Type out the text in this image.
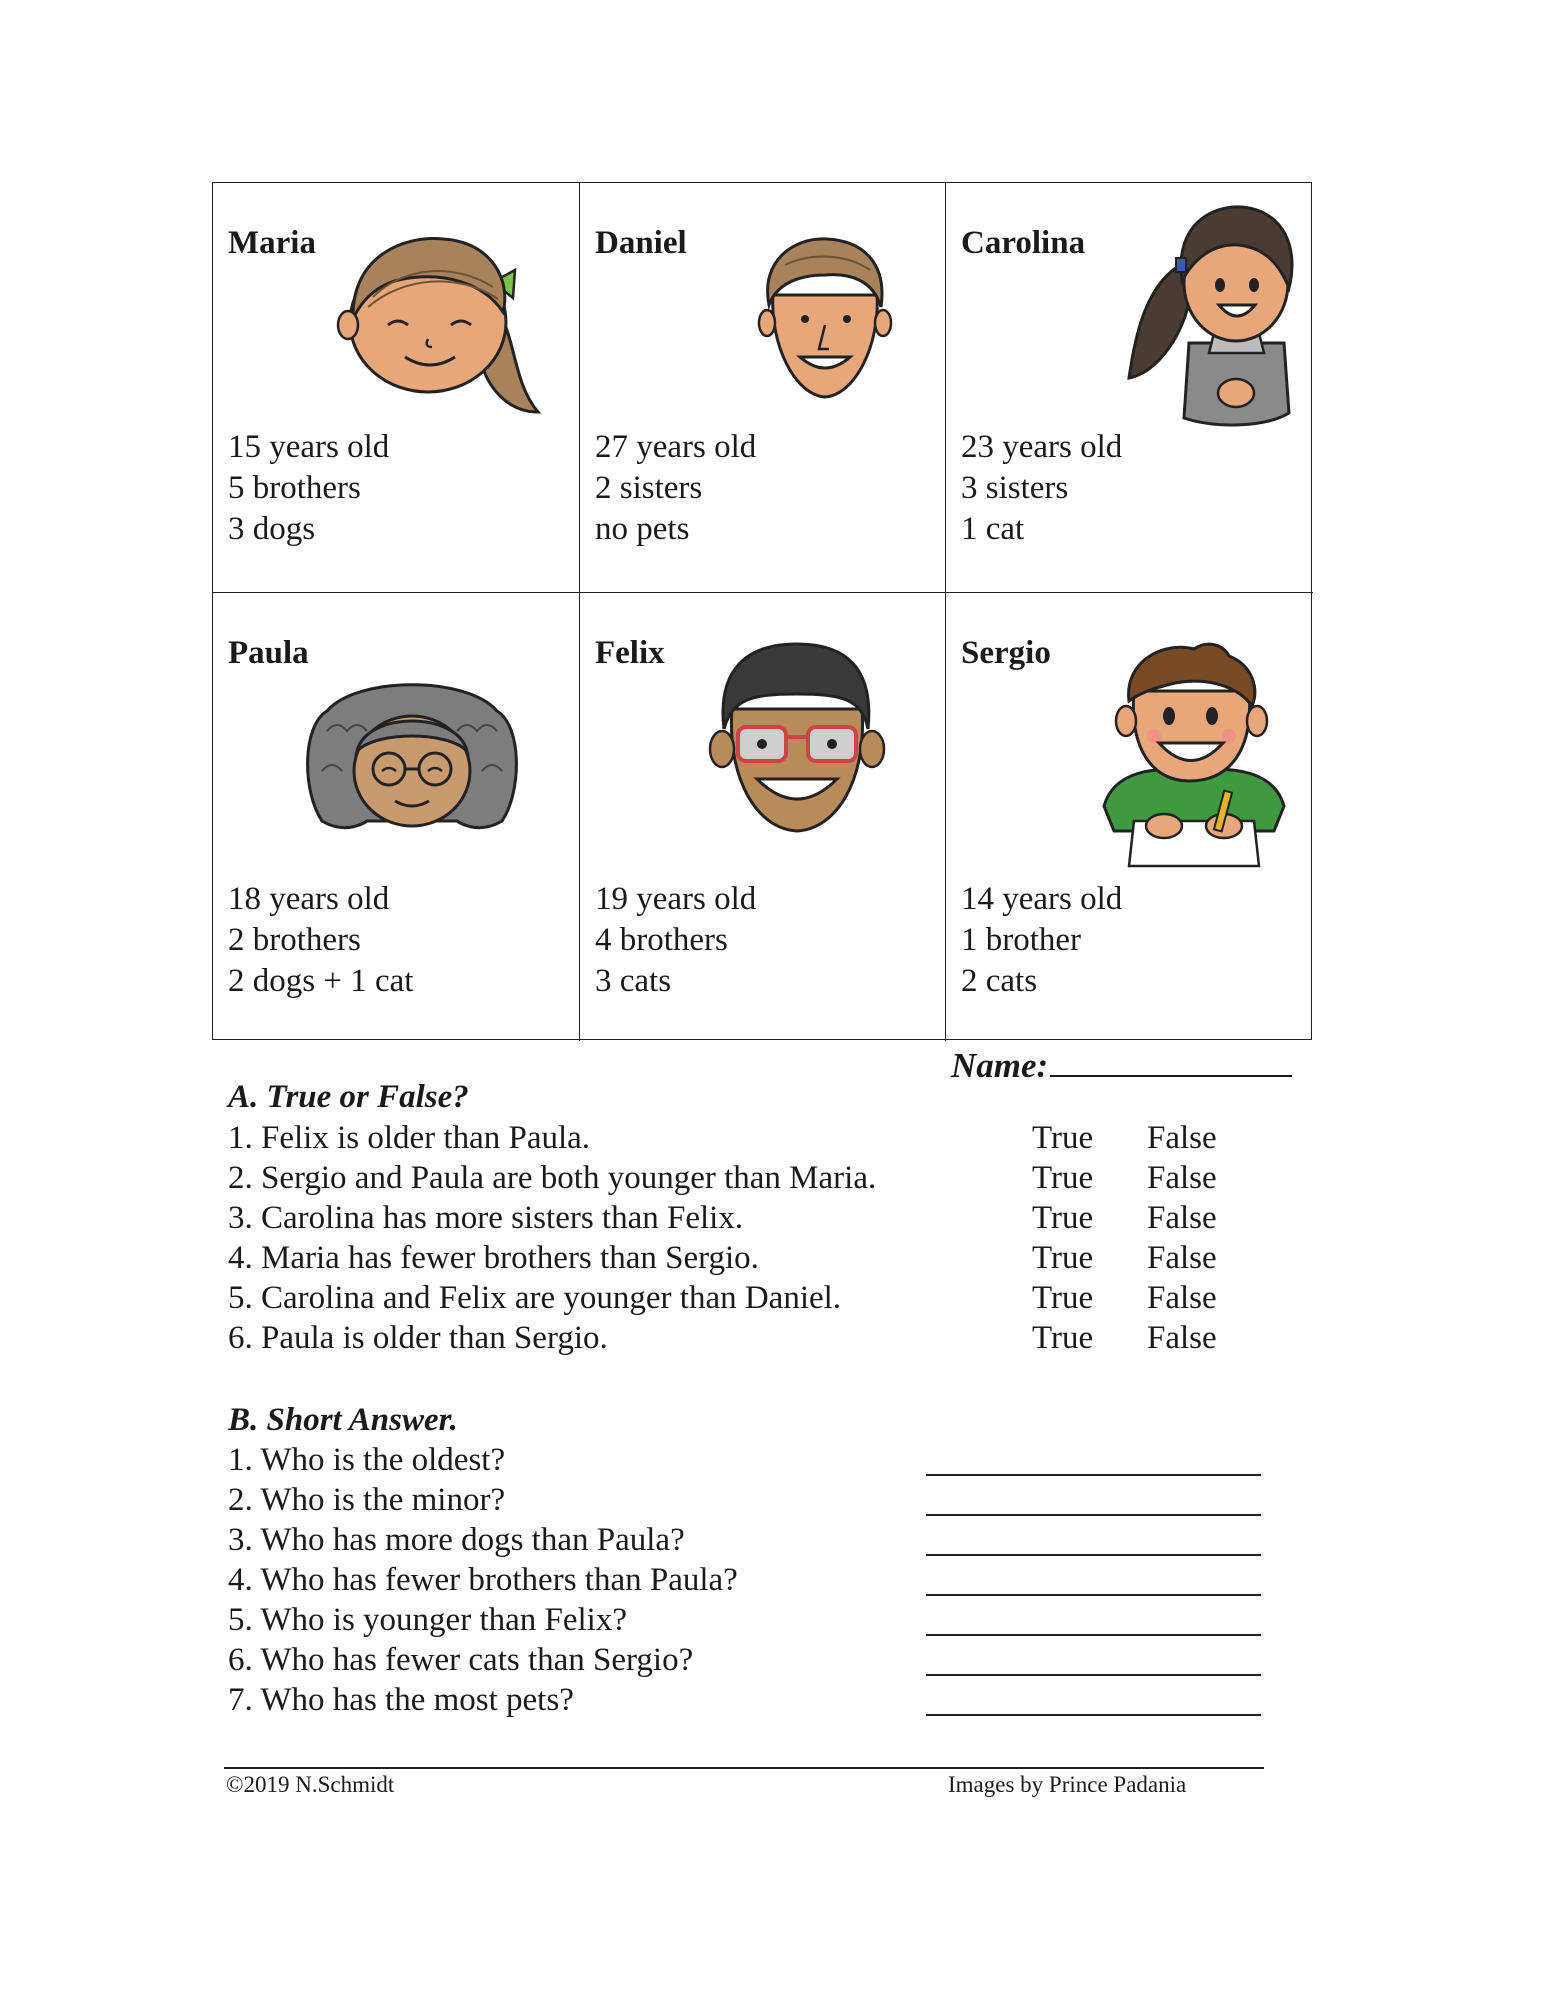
Maria
15 years old
5 brothers
3 dogs
Daniel
27 years old
2 sisters
no pets
Carolina
23 years old
3 sisters
1 cat
Paula
18 years old
2 brothers
2 dogs + 1 cat
Felix
19 years old
4 brothers
3 cats
Sergio
14 years old
1 brother
2 cats
Name:
A. True or False?
1. Felix is older than Paula.
2. Sergio and Paula are both younger than Maria.
3. Carolina has more sisters than Felix.
4. Maria has fewer brothers than Sergio.
5. Carolina and Felix are younger than Daniel.
6. Paula is older than Sergio.
True False
True False
True False
True False
True False
True False
B. Short Answer.
1. Who is the oldest?
2. Who is the minor?
3. Who has more dogs than Paula?
4. Who has fewer brothers than Paula?
5. Who is younger than Felix?
6. Who has fewer cats than Sergio?
7. Who has the most pets?
©2019 N.Schmidt	Images by Prince Padania
